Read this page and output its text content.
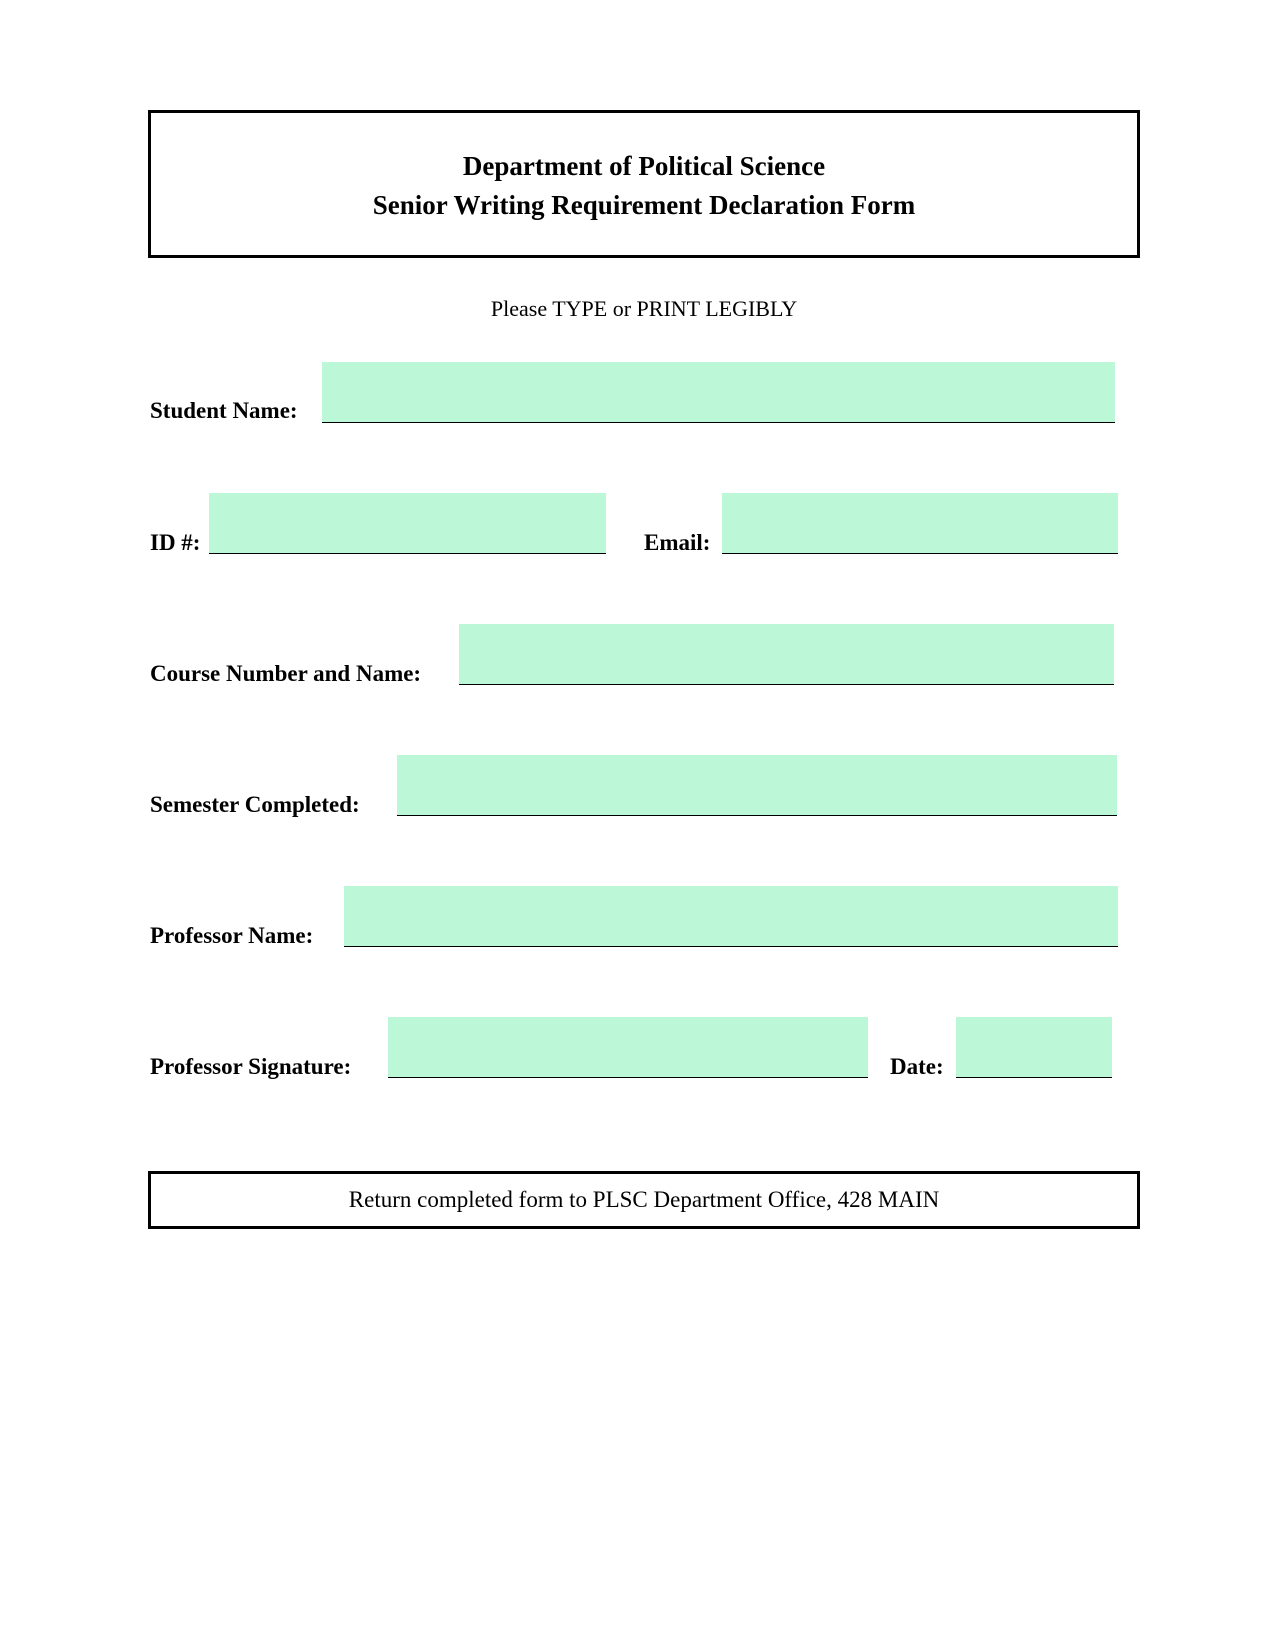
Department of Political Science
Senior Writing Requirement Declaration Form
Please TYPE or PRINT LEGIBLY
Student Name:
ID #:	Email:
Course Number and Name:
Semester Completed:
Professor Name:
Professor Signature:	Date:
Return completed form to PLSC Department Office, 428 MAIN
